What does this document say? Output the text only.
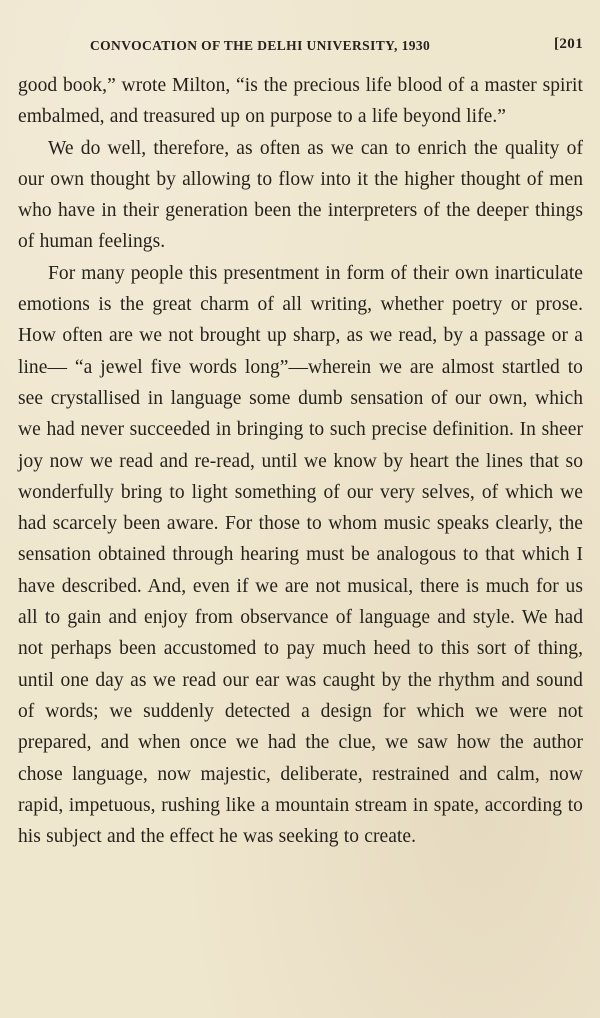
CONVOCATION OF THE DELHI UNIVERSITY, 1930	[201

good book,” wrote Milton, “is the precious life blood of a master spirit embalmed, and treasured up on purpose to a life beyond life.”

We do well, therefore, as often as we can to enrich the quality of our own thought by allowing to flow into it the higher thought of men who have in their generation been the interpreters of the deeper things of human feelings.

For many people this presentment in form of their own inarticulate emotions is the great charm of all writing, whether poetry or prose. How often are we not brought up sharp, as we read, by a passage or a line— “a jewel five words long”—wherein we are almost startled to see crystallised in language some dumb sensation of our own, which we had never succeeded in bringing to such precise definition. In sheer joy now we read and re-read, until we know by heart the lines that so wonderfully bring to light something of our very selves, of which we had scarcely been aware. For those to whom music speaks clearly, the sensation obtained through hearing must be analogous to that which I have described. And, even if we are not musical, there is much for us all to gain and enjoy from observance of language and style. We had not perhaps been accustomed to pay much heed to this sort of thing, until one day as we read our ear was caught by the rhythm and sound of words; we suddenly detected a design for which we were not prepared, and when once we had the clue, we saw how the author chose language, now majestic, deliberate, restrained and calm, now rapid, impetuous, rushing like a mountain stream in spate, according to his subject and the effect he was seeking to create.
